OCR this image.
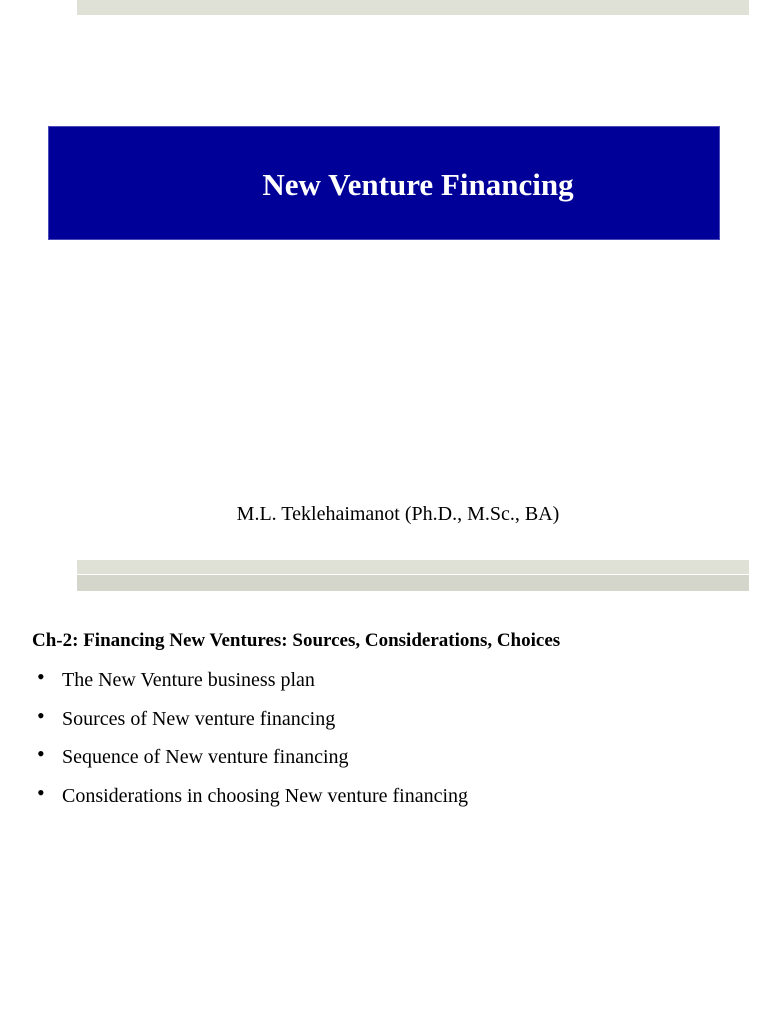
New Venture Financing
M.L. Teklehaimanot (Ph.D., M.Sc., BA)
Ch-2: Financing New Ventures: Sources, Considerations, Choices
• The New Venture business plan
• Sources of New venture financing
• Sequence of New venture financing
• Considerations in choosing New venture financing
